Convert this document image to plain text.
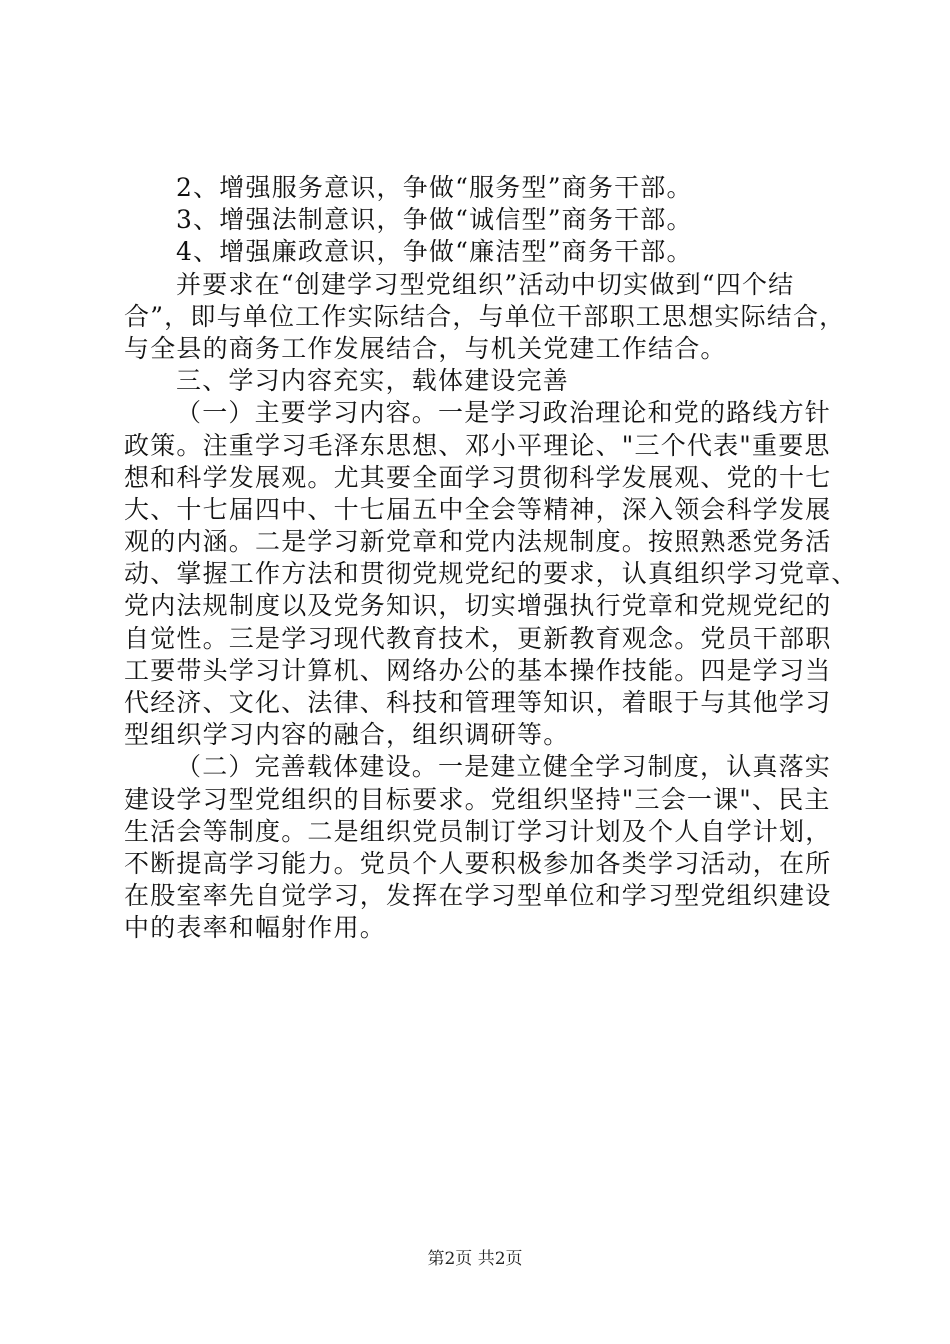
2、增强服务意识，争做“服务型”商务干部。

3、增强法制意识，争做“诚信型”商务干部。

4、增强廉政意识，争做“廉洁型”商务干部。

并要求在“创建学习型党组织”活动中切实做到“四个结

合”，即与单位工作实际结合，与单位干部职工思想实际结合，

与全县的商务工作发展结合，与机关党建工作结合。

三、学习内容充实，载体建设完善

（一）主要学习内容。一是学习政治理论和党的路线方针

政策。注重学习毛泽东思想、邓小平理论、"三个代表"重要思

想和科学发展观。尤其要全面学习贯彻科学发展观、党的十七

大、十七届四中、十七届五中全会等精神，深入领会科学发展

观的内涵。二是学习新党章和党内法规制度。按照熟悉党务活

动、掌握工作方法和贯彻党规党纪的要求，认真组织学习党章、

党内法规制度以及党务知识，切实增强执行党章和党规党纪的

自觉性。三是学习现代教育技术，更新教育观念。党员干部职

工要带头学习计算机、网络办公的基本操作技能。四是学习当

代经济、文化、法律、科技和管理等知识，着眼于与其他学习

型组织学习内容的融合，组织调研等。

（二）完善载体建设。一是建立健全学习制度，认真落实

建设学习型党组织的目标要求。党组织坚持"三会一课"、民主

生活会等制度。二是组织党员制订学习计划及个人自学计划，

不断提高学习能力。党员个人要积极参加各类学习活动，在所

在股室率先自觉学习，发挥在学习型单位和学习型党组织建设

中的表率和幅射作用。

第2页 共2页
